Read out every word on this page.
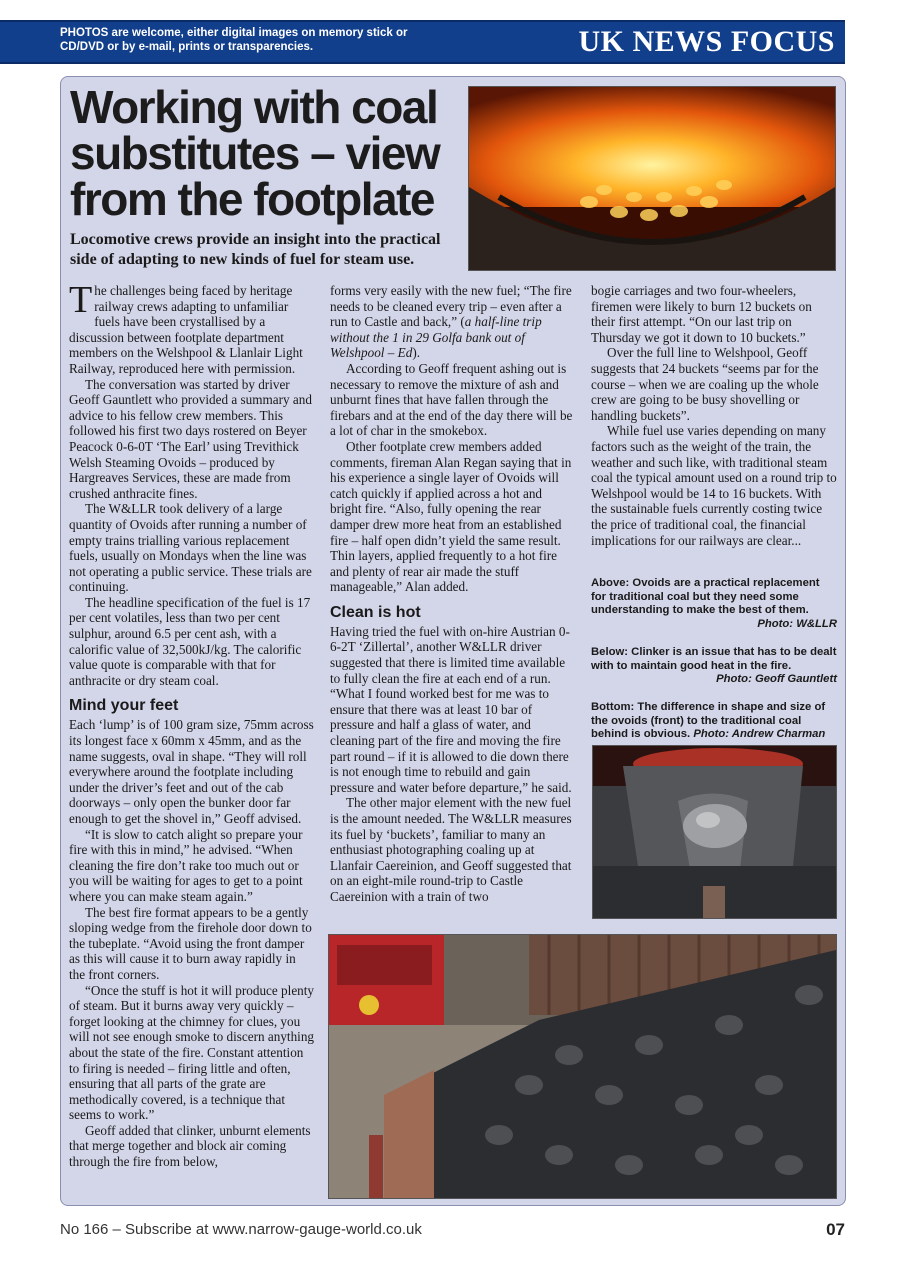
PHOTOS are welcome, either digital images on memory stick or CD/DVD or by e-mail, prints or transparencies.	UK NEWS FOCUS
Working with coal substitutes – view from the footplate

Locomotive crews provide an insight into the practical side of adapting to new kinds of fuel for steam use.

The challenges being faced by heritage railway crews adapting to unfamiliar fuels have been crystallised by a discussion between footplate department members on the Welshpool & Llanlair Light Railway, reproduced here with permission.

The conversation was started by driver Geoff Gauntlett who provided a summary and advice to his fellow crew members. This followed his first two days rostered on Beyer Peacock 0-6-0T ‘The Earl’ using Trevithick Welsh Steaming Ovoids – produced by Hargreaves Services, these are made from crushed anthracite fines.

The W&LLR took delivery of a large quantity of Ovoids after running a number of empty trains trialling various replacement fuels, usually on Mondays when the line was not operating a public service. These trials are continuing.

The headline specification of the fuel is 17 per cent volatiles, less than two per cent sulphur, around 6.5 per cent ash, with a calorific value of 32,500kJ/kg. The calorific value quote is comparable with that for anthracite or dry steam coal.

Mind your feet

Each ‘lump’ is of 100 gram size, 75mm across its longest face x 60mm x 45mm, and as the name suggests, oval in shape. “They will roll everywhere around the footplate including under the driver’s feet and out of the cab doorways – only open the bunker door far enough to get the shovel in,” Geoff advised.

“It is slow to catch alight so prepare your fire with this in mind,” he advised. “When cleaning the fire don’t rake too much out or you will be waiting for ages to get to a point where you can make steam again.”

The best fire format appears to be a gently sloping wedge from the firehole door down to the tubeplate. “Avoid using the front damper as this will cause it to burn away rapidly in the front corners.

“Once the stuff is hot it will produce plenty of steam. But it burns away very quickly – forget looking at the chimney for clues, you will not see enough smoke to discern anything about the state of the fire. Constant attention to firing is needed – firing little and often, ensuring that all parts of the grate are methodically covered, is a technique that seems to work.”

Geoff added that clinker, unburnt elements that merge together and block air coming through the fire from below,

forms very easily with the new fuel; “The fire needs to be cleaned every trip – even after a run to Castle and back,” (a half-line trip without the 1 in 29 Golfa bank out of Welshpool – Ed).

According to Geoff frequent ashing out is necessary to remove the mixture of ash and unburnt fines that have fallen through the firebars and at the end of the day there will be a lot of char in the smokebox.

Other footplate crew members added comments, fireman Alan Regan saying that in his experience a single layer of Ovoids will catch quickly if applied across a hot and bright fire. “Also, fully opening the rear damper drew more heat from an established fire – half open didn’t yield the same result. Thin layers, applied frequently to a hot fire and plenty of rear air made the stuff manageable,” Alan added.

Clean is hot

Having tried the fuel with on-hire Austrian 0-6-2T ‘Zillertal’, another W&LLR driver suggested that there is limited time available to fully clean the fire at each end of a run. “What I found worked best for me was to ensure that there was at least 10 bar of pressure and half a glass of water, and cleaning part of the fire and moving the fire part round – if it is allowed to die down there is not enough time to rebuild and gain pressure and water before departure,” he said.

The other major element with the new fuel is the amount needed. The W&LLR measures its fuel by ‘buckets’, familiar to many an enthusiast photographing coaling up at Llanfair Caereinion, and Geoff suggested that on an eight-mile round-trip to Castle Caereinion with a train of two

bogie carriages and two four-wheelers, firemen were likely to burn 12 buckets on their first attempt. “On our last trip on Thursday we got it down to 10 buckets.”

Over the full line to Welshpool, Geoff suggests that 24 buckets “seems par for the course – when we are coaling up the whole crew are going to be busy shovelling or handling buckets”.

While fuel use varies depending on many factors such as the weight of the train, the weather and such like, with traditional steam coal the typical amount used on a round trip to Welshpool would be 14 to 16 buckets. With the sustainable fuels currently costing twice the price of traditional coal, the financial implications for our railways are clear...

Above: Ovoids are a practical replacement for traditional coal but they need some understanding to make the best of them.
Photo: W&LLR
Below: Clinker is an issue that has to be dealt with to maintain good heat in the fire.
Photo: Geoff Gauntlett
Bottom: The difference in shape and size of the ovoids (front) to the traditional coal behind is obvious. Photo: Andrew Charman
No 166 – Subscribe at www.narrow-gauge-world.co.uk	07
